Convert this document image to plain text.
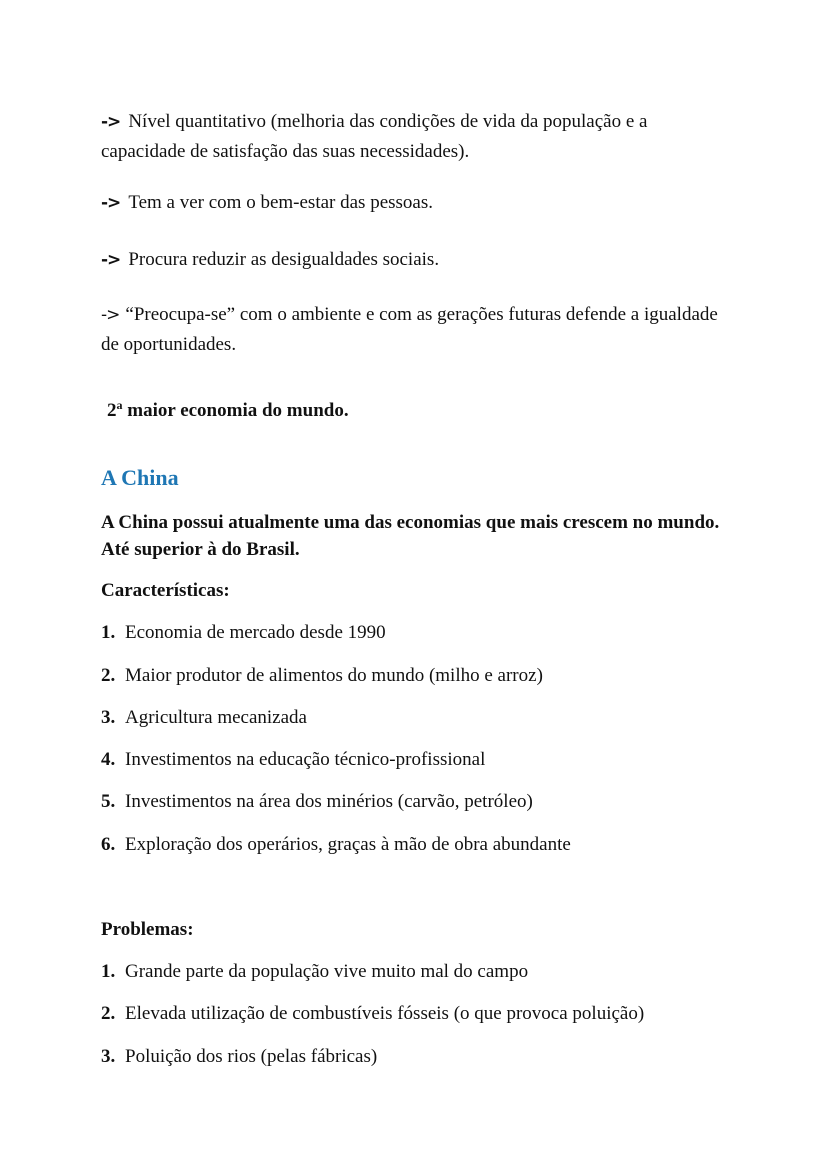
-> Nível quantitativo (melhoria das condições de vida da população e a capacidade de satisfação das suas necessidades).
-> Tem a ver com o bem-estar das pessoas.
-> Procura reduzir as desigualdades sociais.
-> “Preocupa-se” com o ambiente e com as gerações futuras defende a igualdade de oportunidades.
2$^a$ maior economia do mundo.
A China
A China possui atualmente uma das economias que mais crescem no mundo. Até superior à do Brasil.
Características:
1. Economia de mercado desde 1990
2. Maior produtor de alimentos do mundo (milho e arroz)
3. Agricultura mecanizada
4. Investimentos na educação técnico-profissional
5. Investimentos na área dos minérios (carvão, petróleo)
6. Exploração dos operários, graças à mão de obra abundante
Problemas:
1. Grande parte da população vive muito mal do campo
2. Elevada utilização de combustíveis fósseis (o que provoca poluição)
3. Poluição dos rios (pelas fábricas)
